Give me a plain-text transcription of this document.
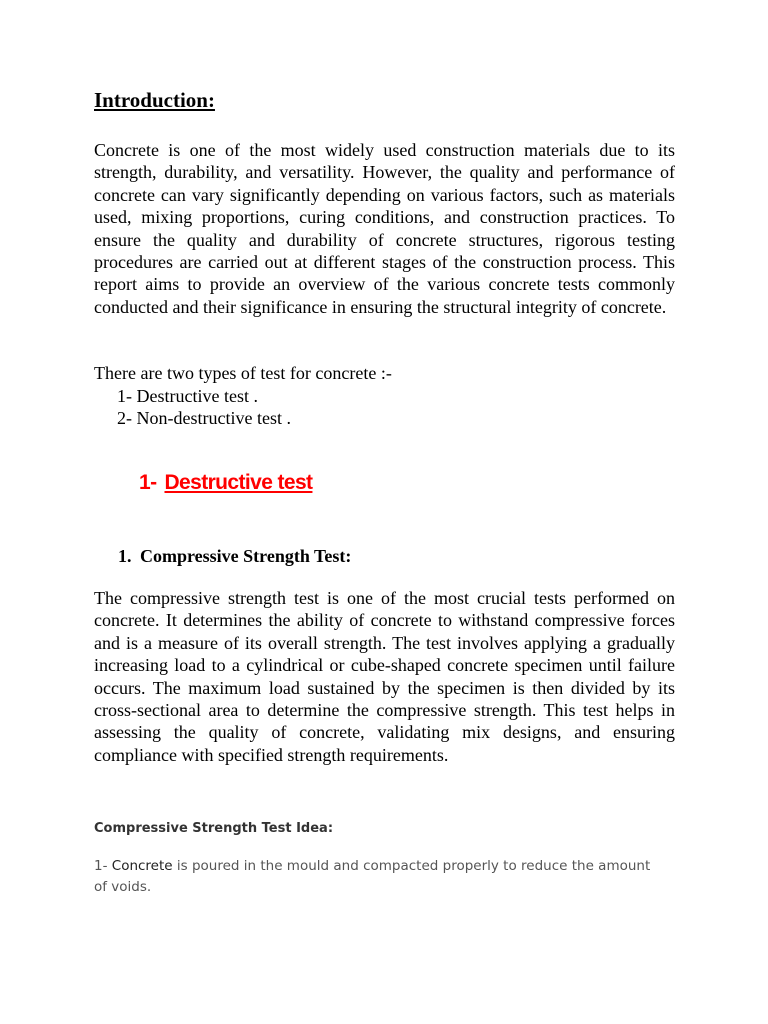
Introduction:

Concrete is one of the most widely used construction materials due to its strength, durability, and versatility. However, the quality and performance of concrete can vary significantly depending on various factors, such as materials used, mixing proportions, curing conditions, and construction practices. To ensure the quality and durability of concrete structures, rigorous testing procedures are carried out at different stages of the construction process. This report aims to provide an overview of the various concrete tests commonly conducted and their significance in ensuring the structural integrity of concrete.

There are two types of test for concrete :-

1- Destructive test .

2- Non-destructive test .

1- Destructive test
1. Compressive Strength Test:

The compressive strength test is one of the most crucial tests performed on concrete. It determines the ability of concrete to withstand compressive forces and is a measure of its overall strength. The test involves applying a gradually increasing load to a cylindrical or cube-shaped concrete specimen until failure occurs. The maximum load sustained by the specimen is then divided by its cross-sectional area to determine the compressive strength. This test helps in assessing the quality of concrete, validating mix designs, and ensuring compliance with specified strength requirements.

Compressive Strength Test Idea:

1- Concrete is poured in the mould and compacted properly to reduce the amount of voids.
